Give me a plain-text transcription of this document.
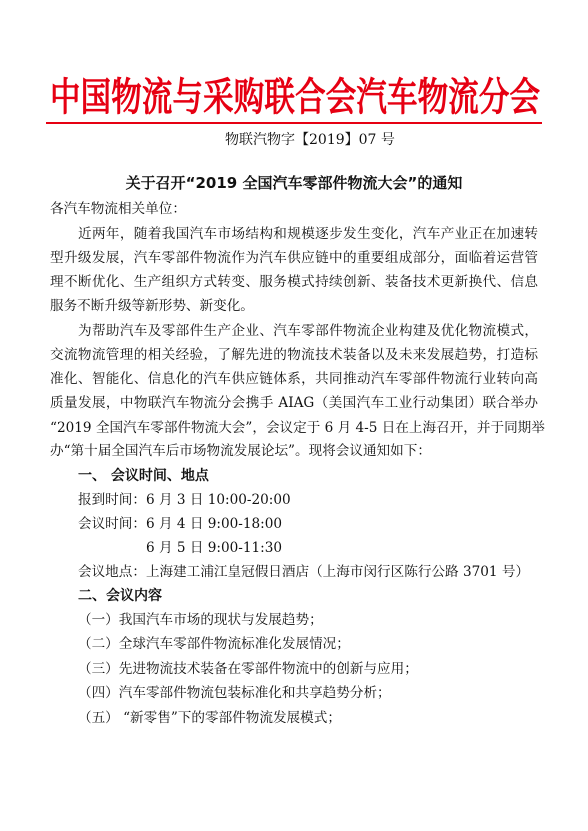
中国物流与采购联合会汽车物流分会
物联汽物字【2019】07 号
关于召开“2019 全国汽车零部件物流大会”的通知
各汽车物流相关单位：
近两年，随着我国汽车市场结构和规模逐步发生变化，汽车产业正在加速转
型升级发展，汽车零部件物流作为汽车供应链中的重要组成部分，面临着运营管
理不断优化、生产组织方式转变、服务模式持续创新、装备技术更新换代、信息
服务不断升级等新形势、新变化。
为帮助汽车及零部件生产企业、汽车零部件物流企业构建及优化物流模式，
交流物流管理的相关经验，了解先进的物流技术装备以及未来发展趋势，打造标
准化、智能化、信息化的汽车供应链体系，共同推动汽车零部件物流行业转向高
质量发展，中物联汽车物流分会携手 AIAG（美国汽车工业行动集团）联合举办
“2019 全国汽车零部件物流大会”，会议定于 6 月 4-5 日在上海召开，并于同期举
办“第十届全国汽车后市场物流发展论坛”。现将会议通知如下：
一、 会议时间、地点
报到时间：6 月 3 日 10:00-20:00
会议时间：6 月 4 日 9:00-18:00
6 月 5 日 9:00-11:30
会议地点：上海建工浦江皇冠假日酒店（上海市闵行区陈行公路 3701 号）
二、会议内容
（一）我国汽车市场的现状与发展趋势；
（二）全球汽车零部件物流标准化发展情况；
（三）先进物流技术装备在零部件物流中的创新与应用；
（四）汽车零部件物流包装标准化和共享趋势分析；
（五） “新零售”下的零部件物流发展模式；
